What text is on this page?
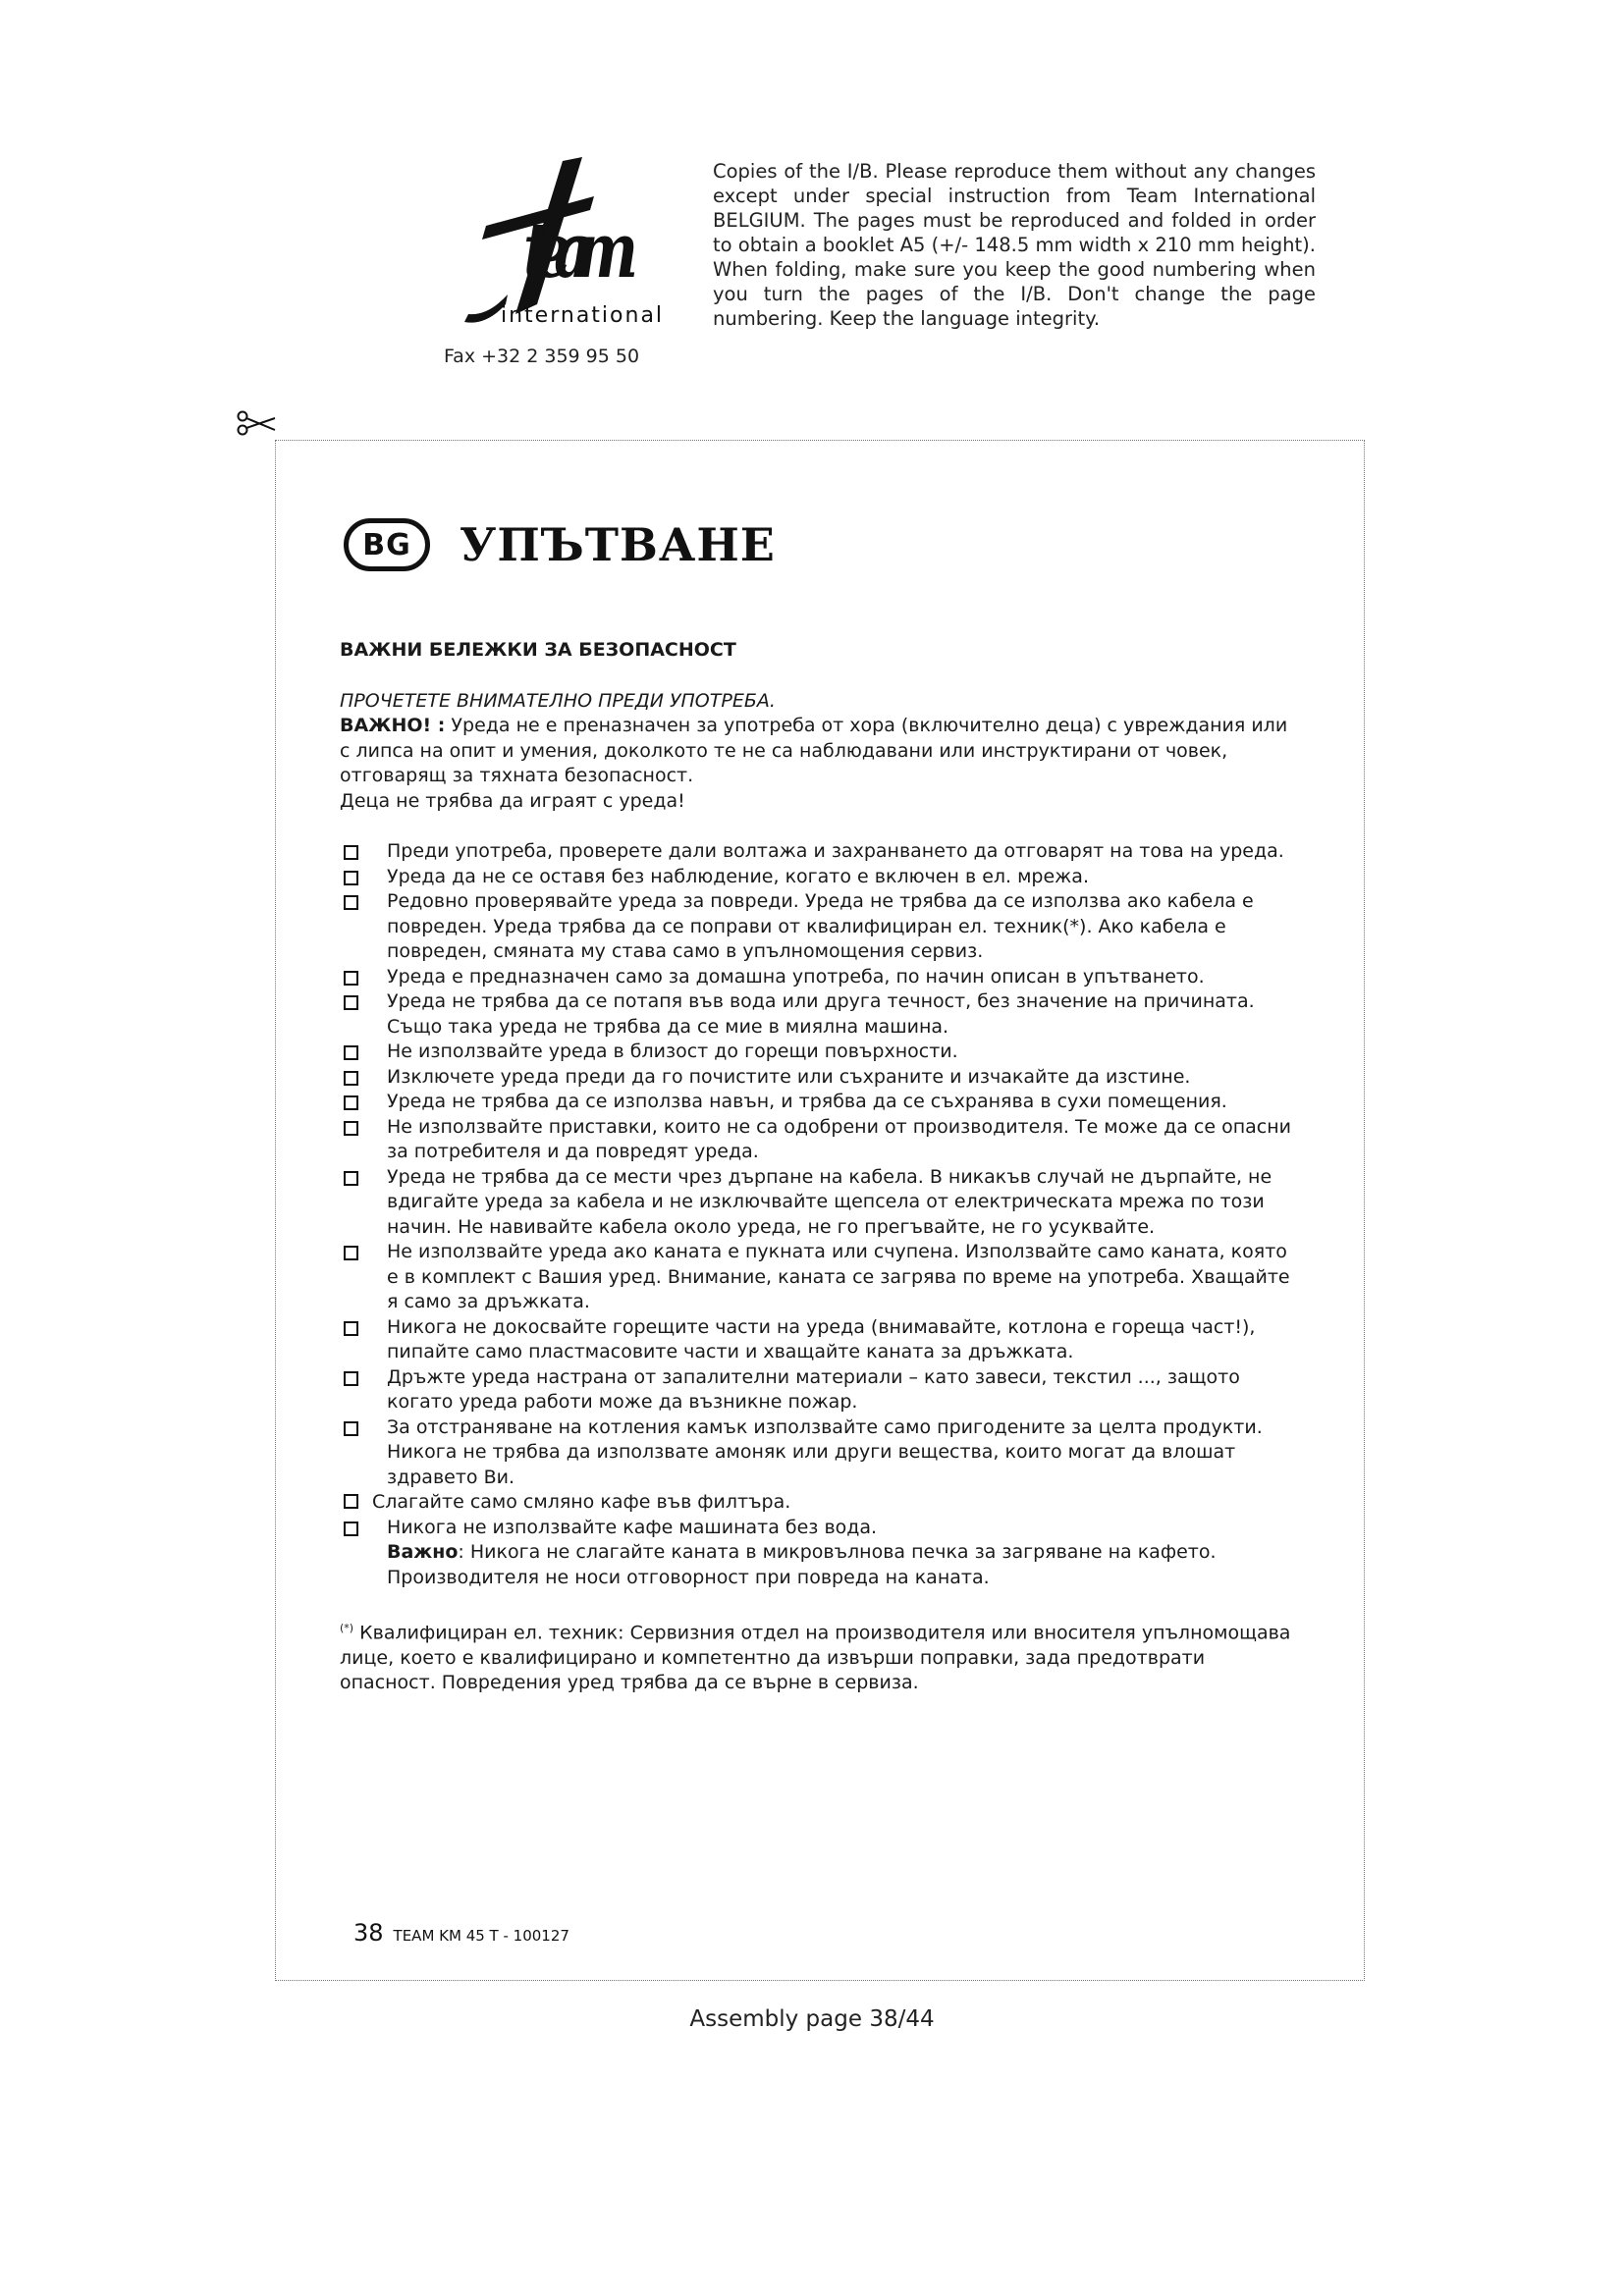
team
international
Fax +32 2 359 95 50
Copies of the I/B. Please reproduce them without any changes except under special instruction from Team International BELGIUM. The pages must be reproduced and folded in order to obtain a booklet A5 (+/- 148.5 mm width x 210 mm height). When folding, make sure you keep the good numbering when you turn the pages of the I/B. Don't change the page numbering. Keep the language integrity.
BG	УПЪТВАНЕ

ВАЖНИ БЕЛЕЖКИ ЗА БЕЗОПАСНОСТ

ПРОЧЕТЕТЕ ВНИМАТЕЛНО ПРЕДИ УПОТРЕБА.

ВАЖНО! : Уреда не е преназначен за употреба от хора (включително деца) с увреждания или с липса на опит и умения, доколкото те не са наблюдавани или инструктирани от човек, отговарящ за тяхната безопасност.

Деца не трябва да играят с уреда!

Преди употреба, проверете дали волтажа и захранването да отговарят на това на уреда.
Уреда да не се оставя без наблюдение, когато е включен в ел. мрежа.
Редовно проверявайте уреда за повреди. Уреда не трябва да се използва ако кабела е повреден. Уреда трябва да се поправи от квалифициран ел. техник(*). Ако кабела е повреден, смяната му става само в упълномощения сервиз.
Уреда е предназначен само за домашна употреба, по начин описан в упътването.
Уреда не трябва да се потапя във вода или друга течност, без значение на причината. Също така уреда не трябва да се мие в миялна машина.
Не използвайте уреда в близост до горещи повърхности.
Изключете уреда преди да го почистите или съхраните и изчакайте да изстине.
Уреда не трябва да се използва навън, и трябва да се съхранява в сухи помещения.
Не използвайте приставки, които не са одобрени от производителя. Те може да се опасни за потребителя и да повредят уреда.
Уреда не трябва да се мести чрез дърпане на кабела. В никакъв случай не дърпайте, не вдигайте уреда за кабела и не изключвайте щепсела от електрическата мрежа по този начин. Не навивайте кабела около уреда, не го прегъвайте, не го усуквайте.
Не използвайте уреда ако каната е пукната или счупена. Използвайте само каната, която е в комплект с Вашия уред. Внимание, каната се загрява по време на употреба. Хващайте я само за дръжката.
Никога не докосвайте горещите части на уреда (внимавайте, котлона е гореща част!), пипайте само пластмасовите части и хващайте каната за дръжката.
Дръжте уреда настрана от запалителни материали – като завеси, текстил ..., защото когато уреда работи може да възникне пожар.
За отстраняване на котления камък използвайте само пригодените за целта продукти. Никога не трябва да използвате амоняк или други вещества, които могат да влошат здравето Ви.
Слагайте само смляно кафе във филтъра.
Никога не използвайте кафе машината без вода.
Важно: Никога не слагайте каната в микровълнова печка за загряване на кафето. Производителя не носи отговорност при повреда на каната.

(*) Квалифициран ел. техник: Сервизния отдел на производителя или вносителя упълномощава лице, което е квалифицирано и компетентно да извърши поправки, зада предотврати опасност. Повредения уред трябва да се върне в сервиза.

38 TEAM KM 45 T - 100127
Assembly page 38/44
